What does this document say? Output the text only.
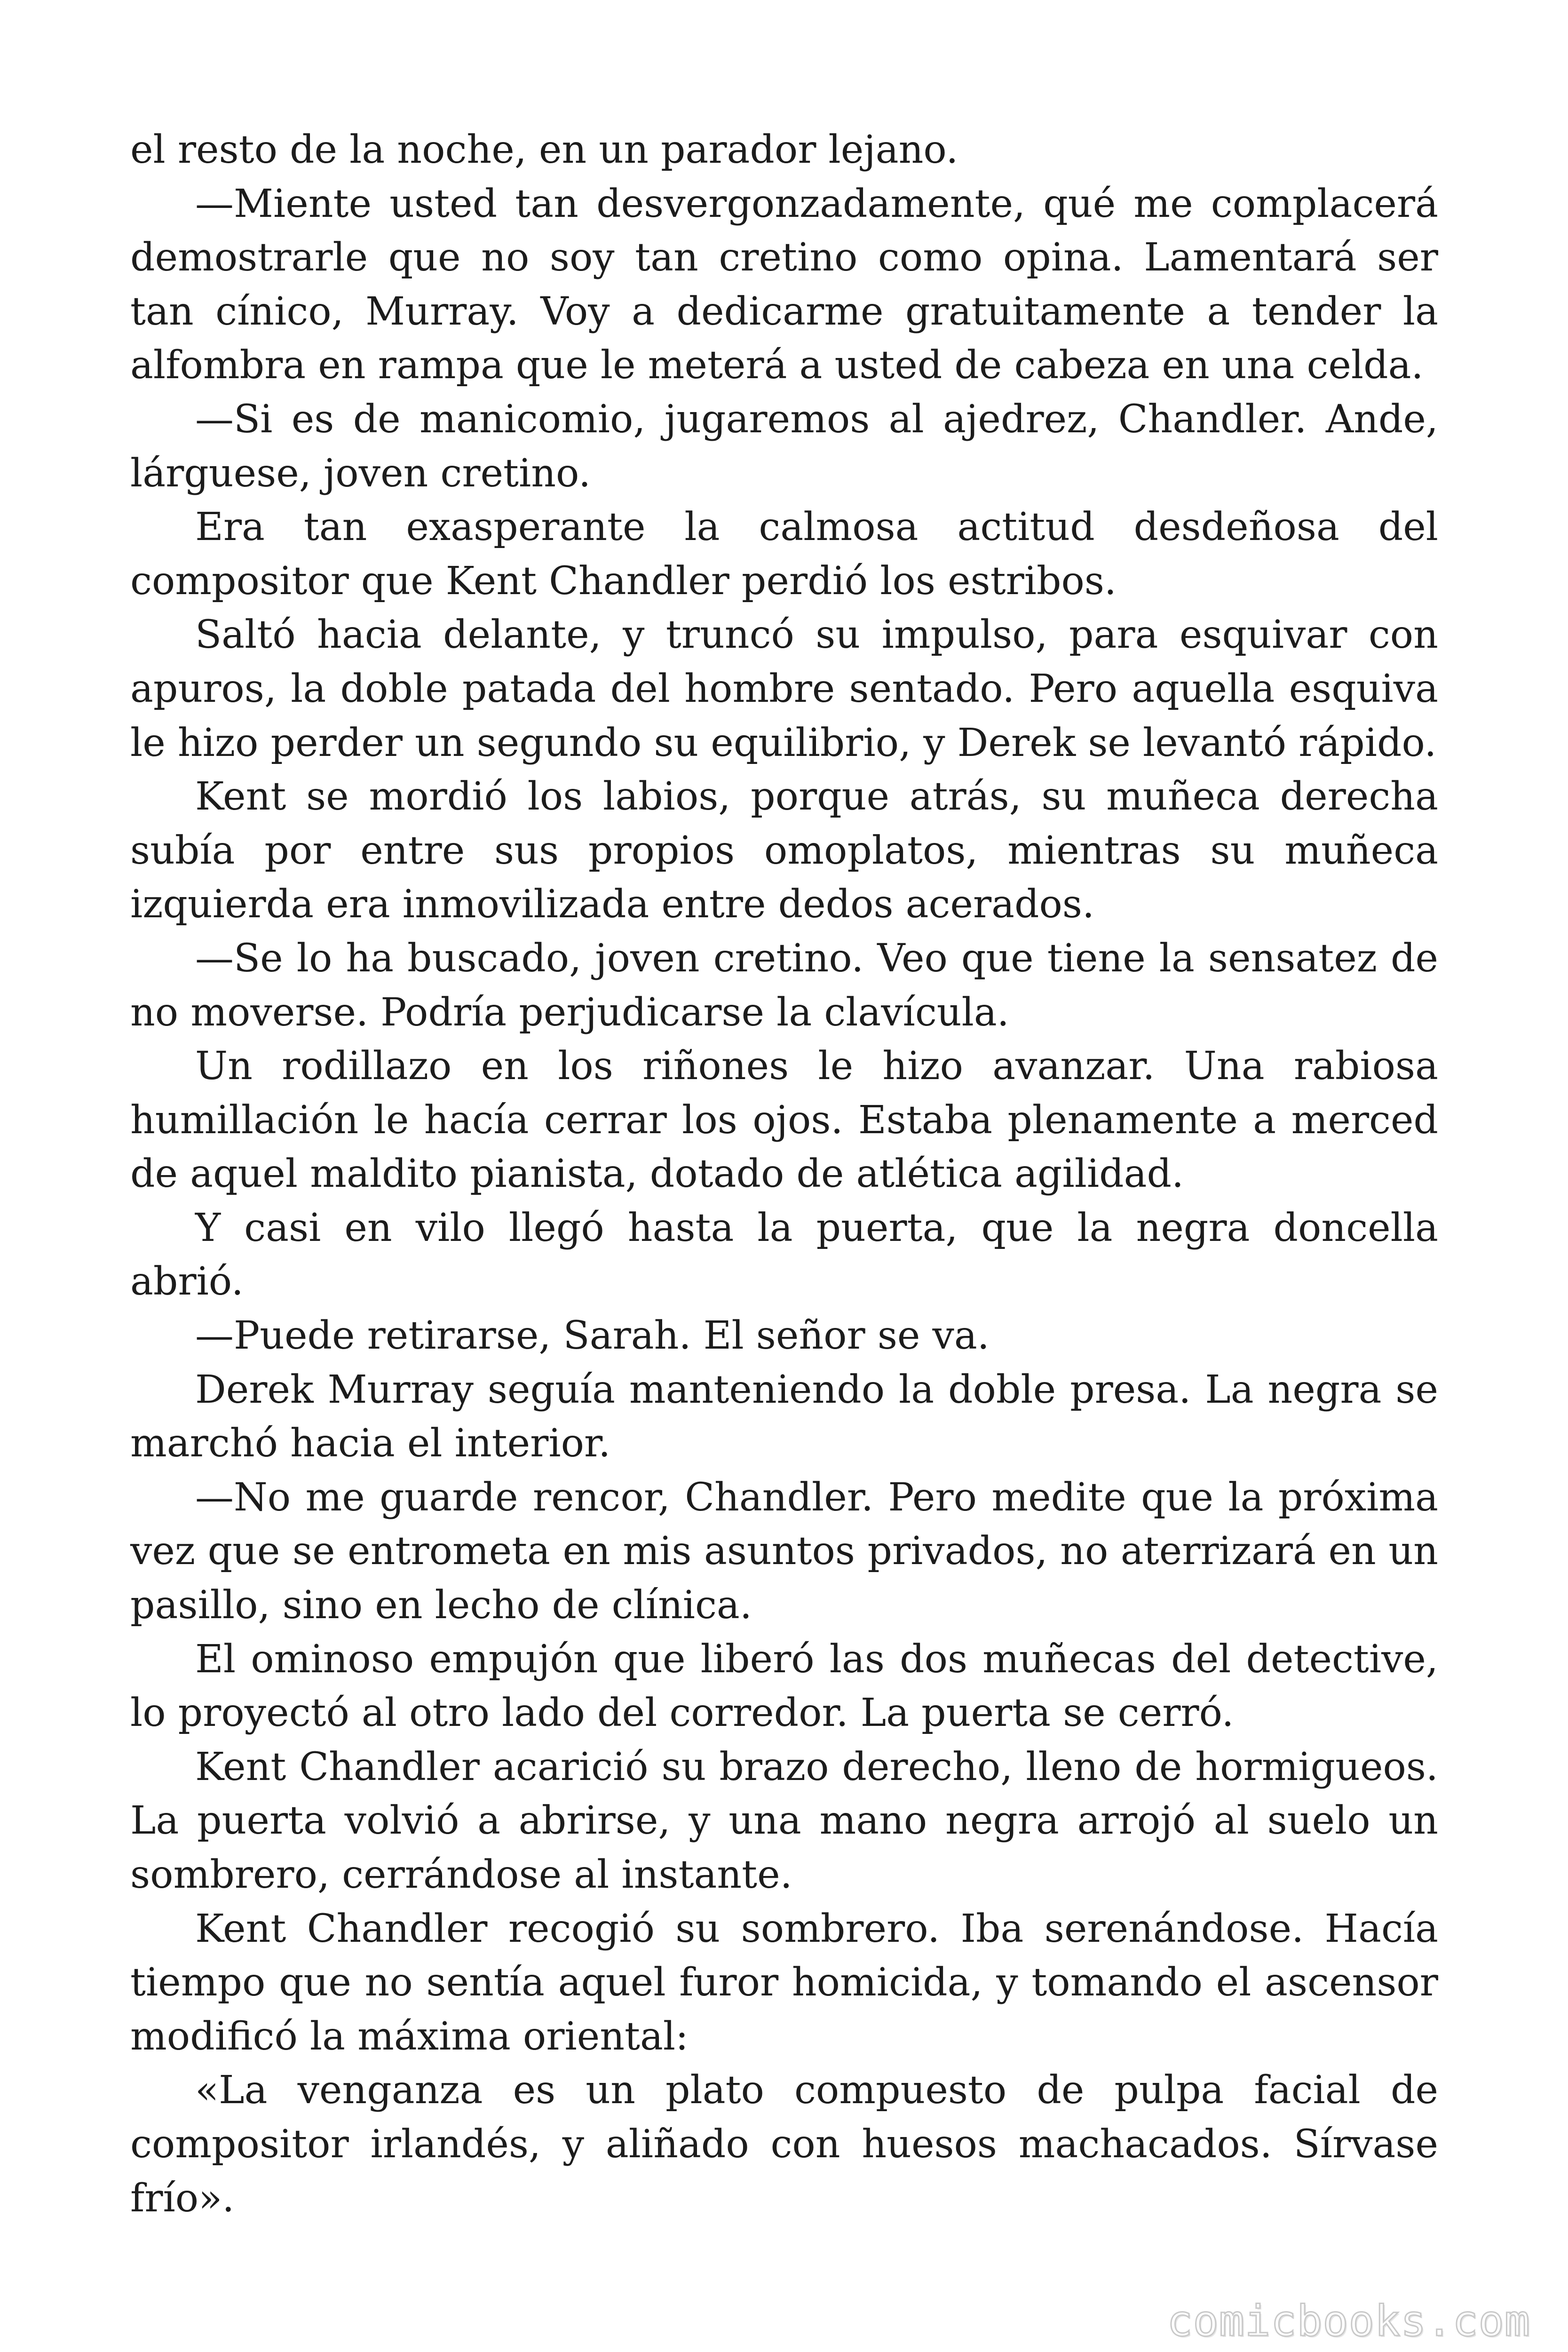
el resto de la noche, en un parador lejano.

—Miente usted tan desvergonzadamente, qué me complacerá demostrarle que no soy tan cretino como opina. Lamentará ser tan cínico, Murray. Voy a dedicarme gratuitamente a tender la alfombra en rampa que le meterá a usted de cabeza en una celda.

—Si es de manicomio, jugaremos al ajedrez, Chandler. Ande, lárguese, joven cretino.

Era tan exasperante la calmosa actitud desdeñosa del compositor que Kent Chandler perdió los estribos.

Saltó hacia delante, y truncó su impulso, para esquivar con apuros, la doble patada del hombre sentado. Pero aquella esquiva le hizo perder un segundo su equilibrio, y Derek se levantó rápido.

Kent se mordió los labios, porque atrás, su muñeca derecha subía por entre sus propios omoplatos, mientras su muñeca izquierda era inmovilizada entre dedos acerados.

—Se lo ha buscado, joven cretino. Veo que tiene la sensatez de no moverse. Podría perjudicarse la clavícula.

Un rodillazo en los riñones le hizo avanzar. Una rabiosa humillación le hacía cerrar los ojos. Estaba plenamente a merced de aquel maldito pianista, dotado de atlética agilidad.

Y casi en vilo llegó hasta la puerta, que la negra doncella abrió.

—Puede retirarse, Sarah. El señor se va.

Derek Murray seguía manteniendo la doble presa. La negra se marchó hacia el interior.

—No me guarde rencor, Chandler. Pero medite que la próxima vez que se entrometa en mis asuntos privados, no aterrizará en un pasillo, sino en lecho de clínica.

El ominoso empujón que liberó las dos muñecas del detective, lo proyectó al otro lado del corredor. La puerta se cerró.

Kent Chandler acarició su brazo derecho, lleno de hormigueos. La puerta volvió a abrirse, y una mano negra arrojó al suelo un sombrero, cerrándose al instante.

Kent Chandler recogió su sombrero. Iba serenándose. Hacía tiempo que no sentía aquel furor homicida, y tomando el ascensor modificó la máxima oriental:

«La venganza es un plato compuesto de pulpa facial de compositor irlandés, y aliñado con huesos machacados. Sírvase frío».

comicbooks.com
